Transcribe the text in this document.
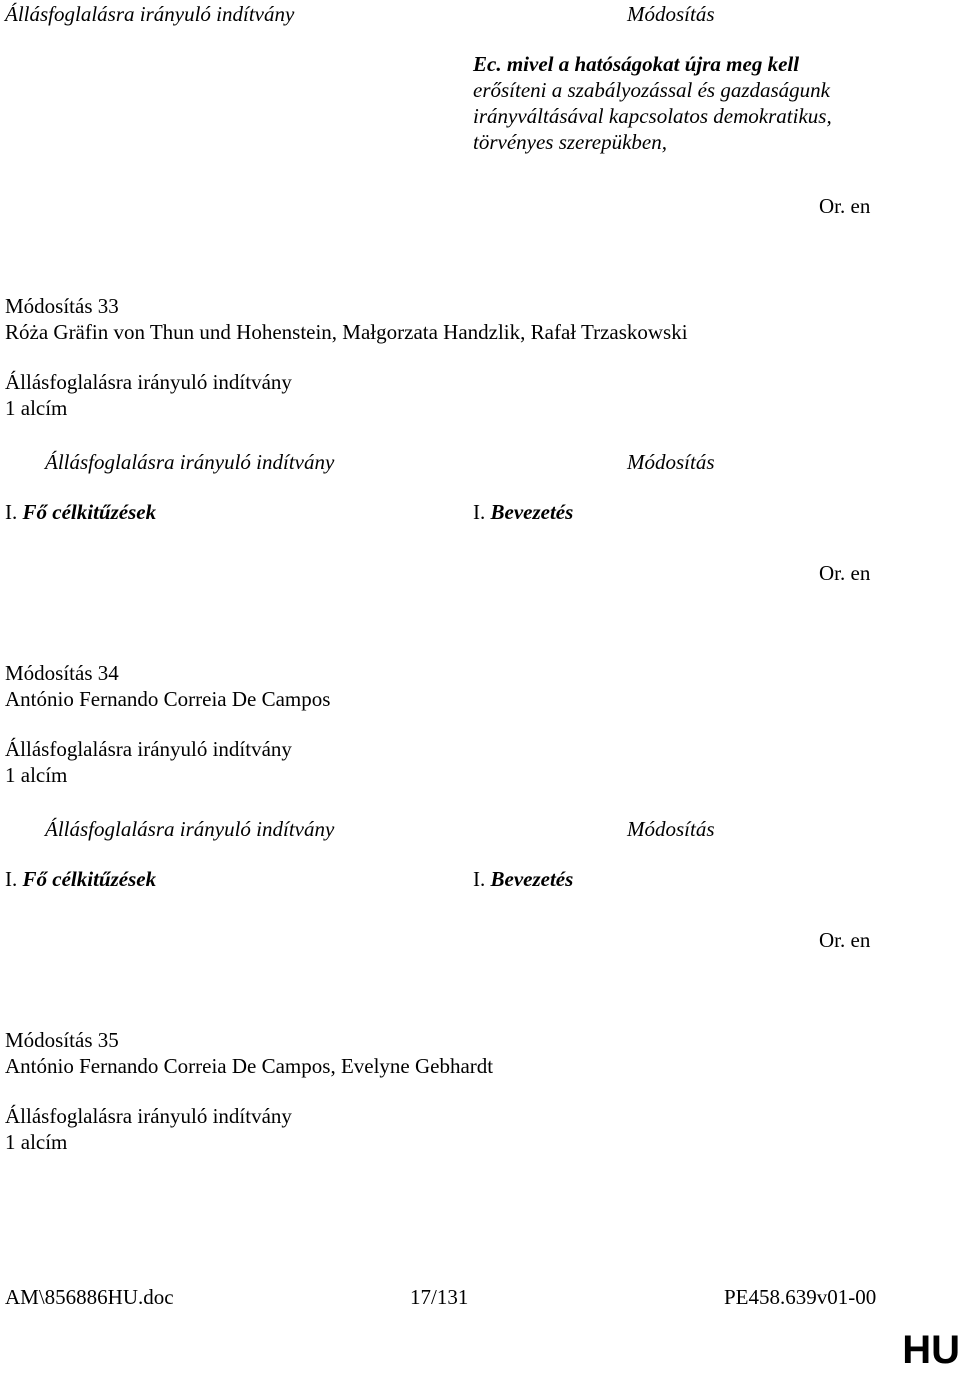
Állásfoglalásra irányuló indítvány	Módosítás
Ec. mivel a hatóságokat újra meg kell
erősíteni a szabályozással és gazdaságunk
irányváltásával kapcsolatos demokratikus,
törvényes szerepükben,
Or. en
Módosítás 33
Róża Gräfin von Thun und Hohenstein, Małgorzata Handzlik, Rafał Trzaskowski
Állásfoglalásra irányuló indítvány
1 alcím
Állásfoglalásra irányuló indítvány	Módosítás
I. Fő célkitűzések	I. Bevezetés
Or. en
Módosítás 34
António Fernando Correia De Campos
Állásfoglalásra irányuló indítvány
1 alcím
Állásfoglalásra irányuló indítvány	Módosítás
I. Fő célkitűzések	I. Bevezetés
Or. en
Módosítás 35
António Fernando Correia De Campos, Evelyne Gebhardt
Állásfoglalásra irányuló indítvány
1 alcím
AM\856886HU.doc	17/131	PE458.639v01-00
HU
